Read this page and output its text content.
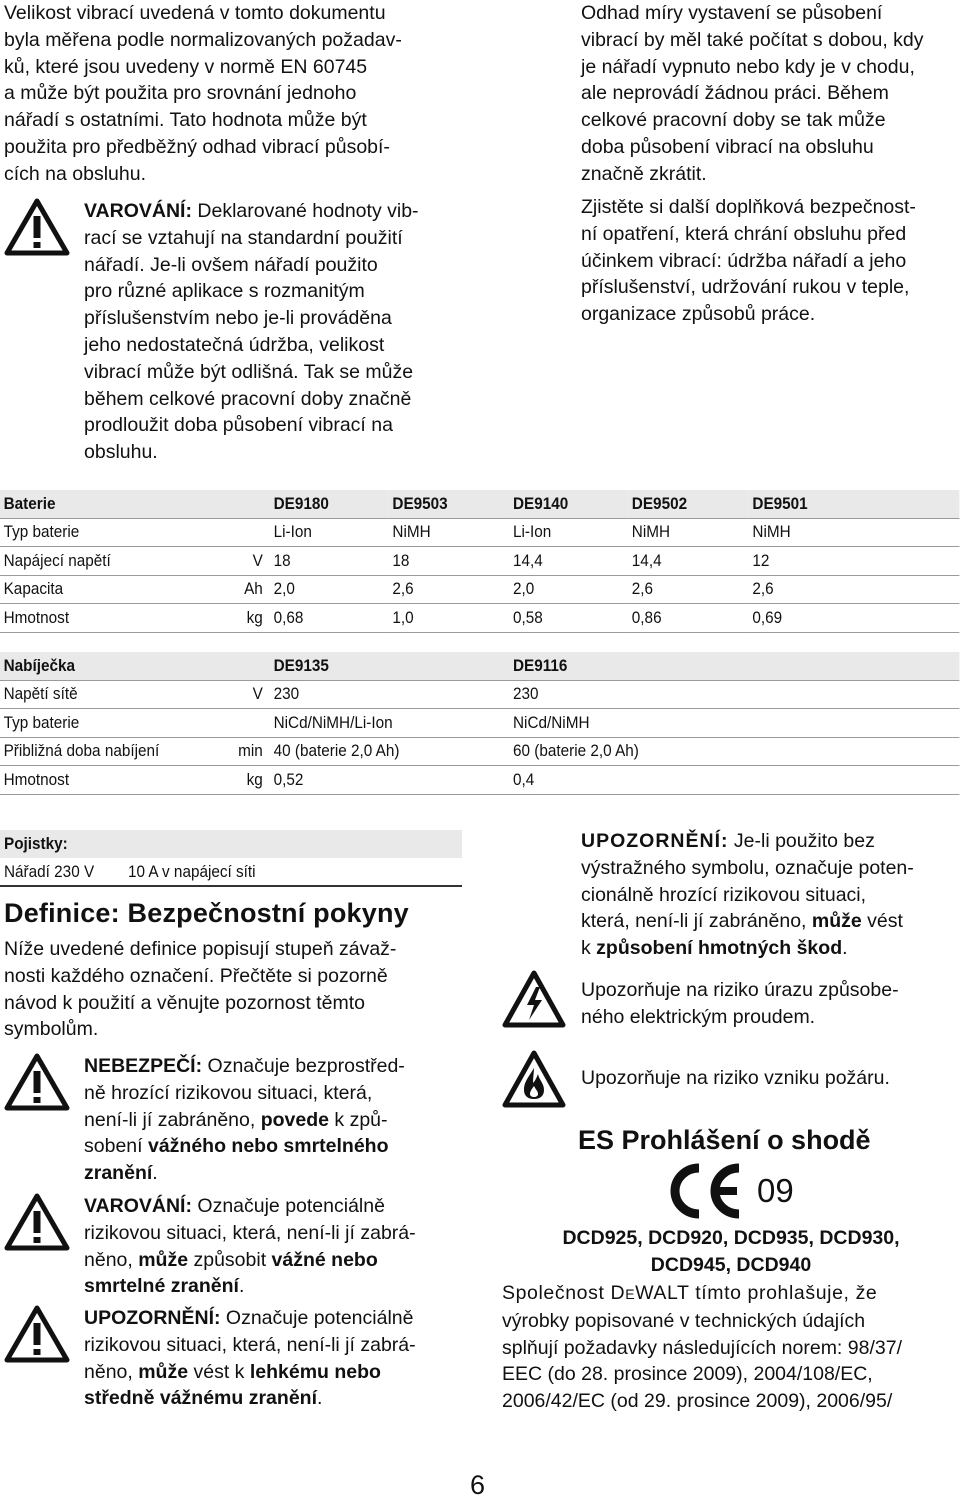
Velikost vibrací uvedená v tomto dokumentu

byla měřena podle normalizovaných požadav-

ků, které jsou uvedeny v normě EN 60745

a může být použita pro srovnání jednoho

nářadí s ostatními. Tato hodnota může být

použita pro předběžný odhad vibrací působí-

cích na obsluhu.

VAROVÁNÍ: Deklarované hodnoty vib-

rací se vztahují na standardní použití

nářadí. Je-li ovšem nářadí použito

pro různé aplikace s rozmanitým

příslušenstvím nebo je-li prováděna

jeho nedostatečná údržba, velikost

vibrací může být odlišná. Tak se může

během celkové pracovní doby značně

prodloužit doba působení vibrací na

obsluhu.

Odhad míry vystavení se působení

vibrací by měl také počítat s dobou, kdy

je nářadí vypnuto nebo kdy je v chodu,

ale neprovádí žádnou práci. Během

celkové pracovní doby se tak může

doba působení vibrací na obsluhu

značně zkrátit.

Zjistěte si další doplňková bezpečnost-

ní opatření, která chrání obsluhu před

účinkem vibrací: údržba nářadí a jeho

příslušenství, udržování rukou v teple,

organizace způsobů práce.

Baterie		DE9180	DE9503	DE9140	DE9502	DE9501
Typ baterie		Li-Ion	NiMH	Li-Ion	NiMH	NiMH
Napájecí napětí	V	18	18	14,4	14,4	12
Kapacita	Ah	2,0	2,6	2,0	2,6	2,6
Hmotnost	kg	0,68	1,0	0,58	0,86	0,69
Nabíječka		DE9135	DE9116
Napětí sítě	V	230	230
Typ baterie		NiCd/NiMH/Li-Ion	NiCd/NiMH
Přibližná doba nabíjení	min	40 (baterie 2,0 Ah)	60 (baterie 2,0 Ah)
Hmotnost	kg	0,52	0,4
Pojistky:
Nářadí 230 V 10 A v napájecí síti
Definice: Bezpečnostní pokyny

Níže uvedené definice popisují stupeň závaž-

nosti každého označení. Přečtěte si pozorně

návod k použití a věnujte pozornost těmto

symbolům.

NEBEZPEČÍ: Označuje bezprostřed-

ně hrozící rizikovou situaci, která,

není-li jí zabráněno, povede k způ-

sobení vážného nebo smrtelného

zranění.

VAROVÁNÍ: Označuje potenciálně

rizikovou situaci, která, není-li jí zabrá-

něno, může způsobit vážné nebo

smrtelné zranění.

UPOZORNĚNÍ: Označuje potenciálně

rizikovou situaci, která, není-li jí zabrá-

něno, může vést k lehkému nebo

středně vážnému zranění.

UPOZORNĚNÍ: Je-li použito bez

výstražného symbolu, označuje poten-

cionálně hrozící rizikovou situaci,

která, není-li jí zabráněno, může vést

k způsobení hmotných škod.

Upozorňuje na riziko úrazu způsobe-

ného elektrickým proudem.

Upozorňuje na riziko vzniku požáru.

ES Prohlášení o shodě
09
DCD925, DCD920, DCD935, DCD930,
DCD945, DCD940

Společnost DEWALT tímto prohlašuje, že

výrobky popisované v technických údajích

splňují požadavky následujících norem: 98/37/

EEC (do 28. prosince 2009), 2004/108/EC,

2006/42/EC (od 29. prosince 2009), 2006/95/

6
